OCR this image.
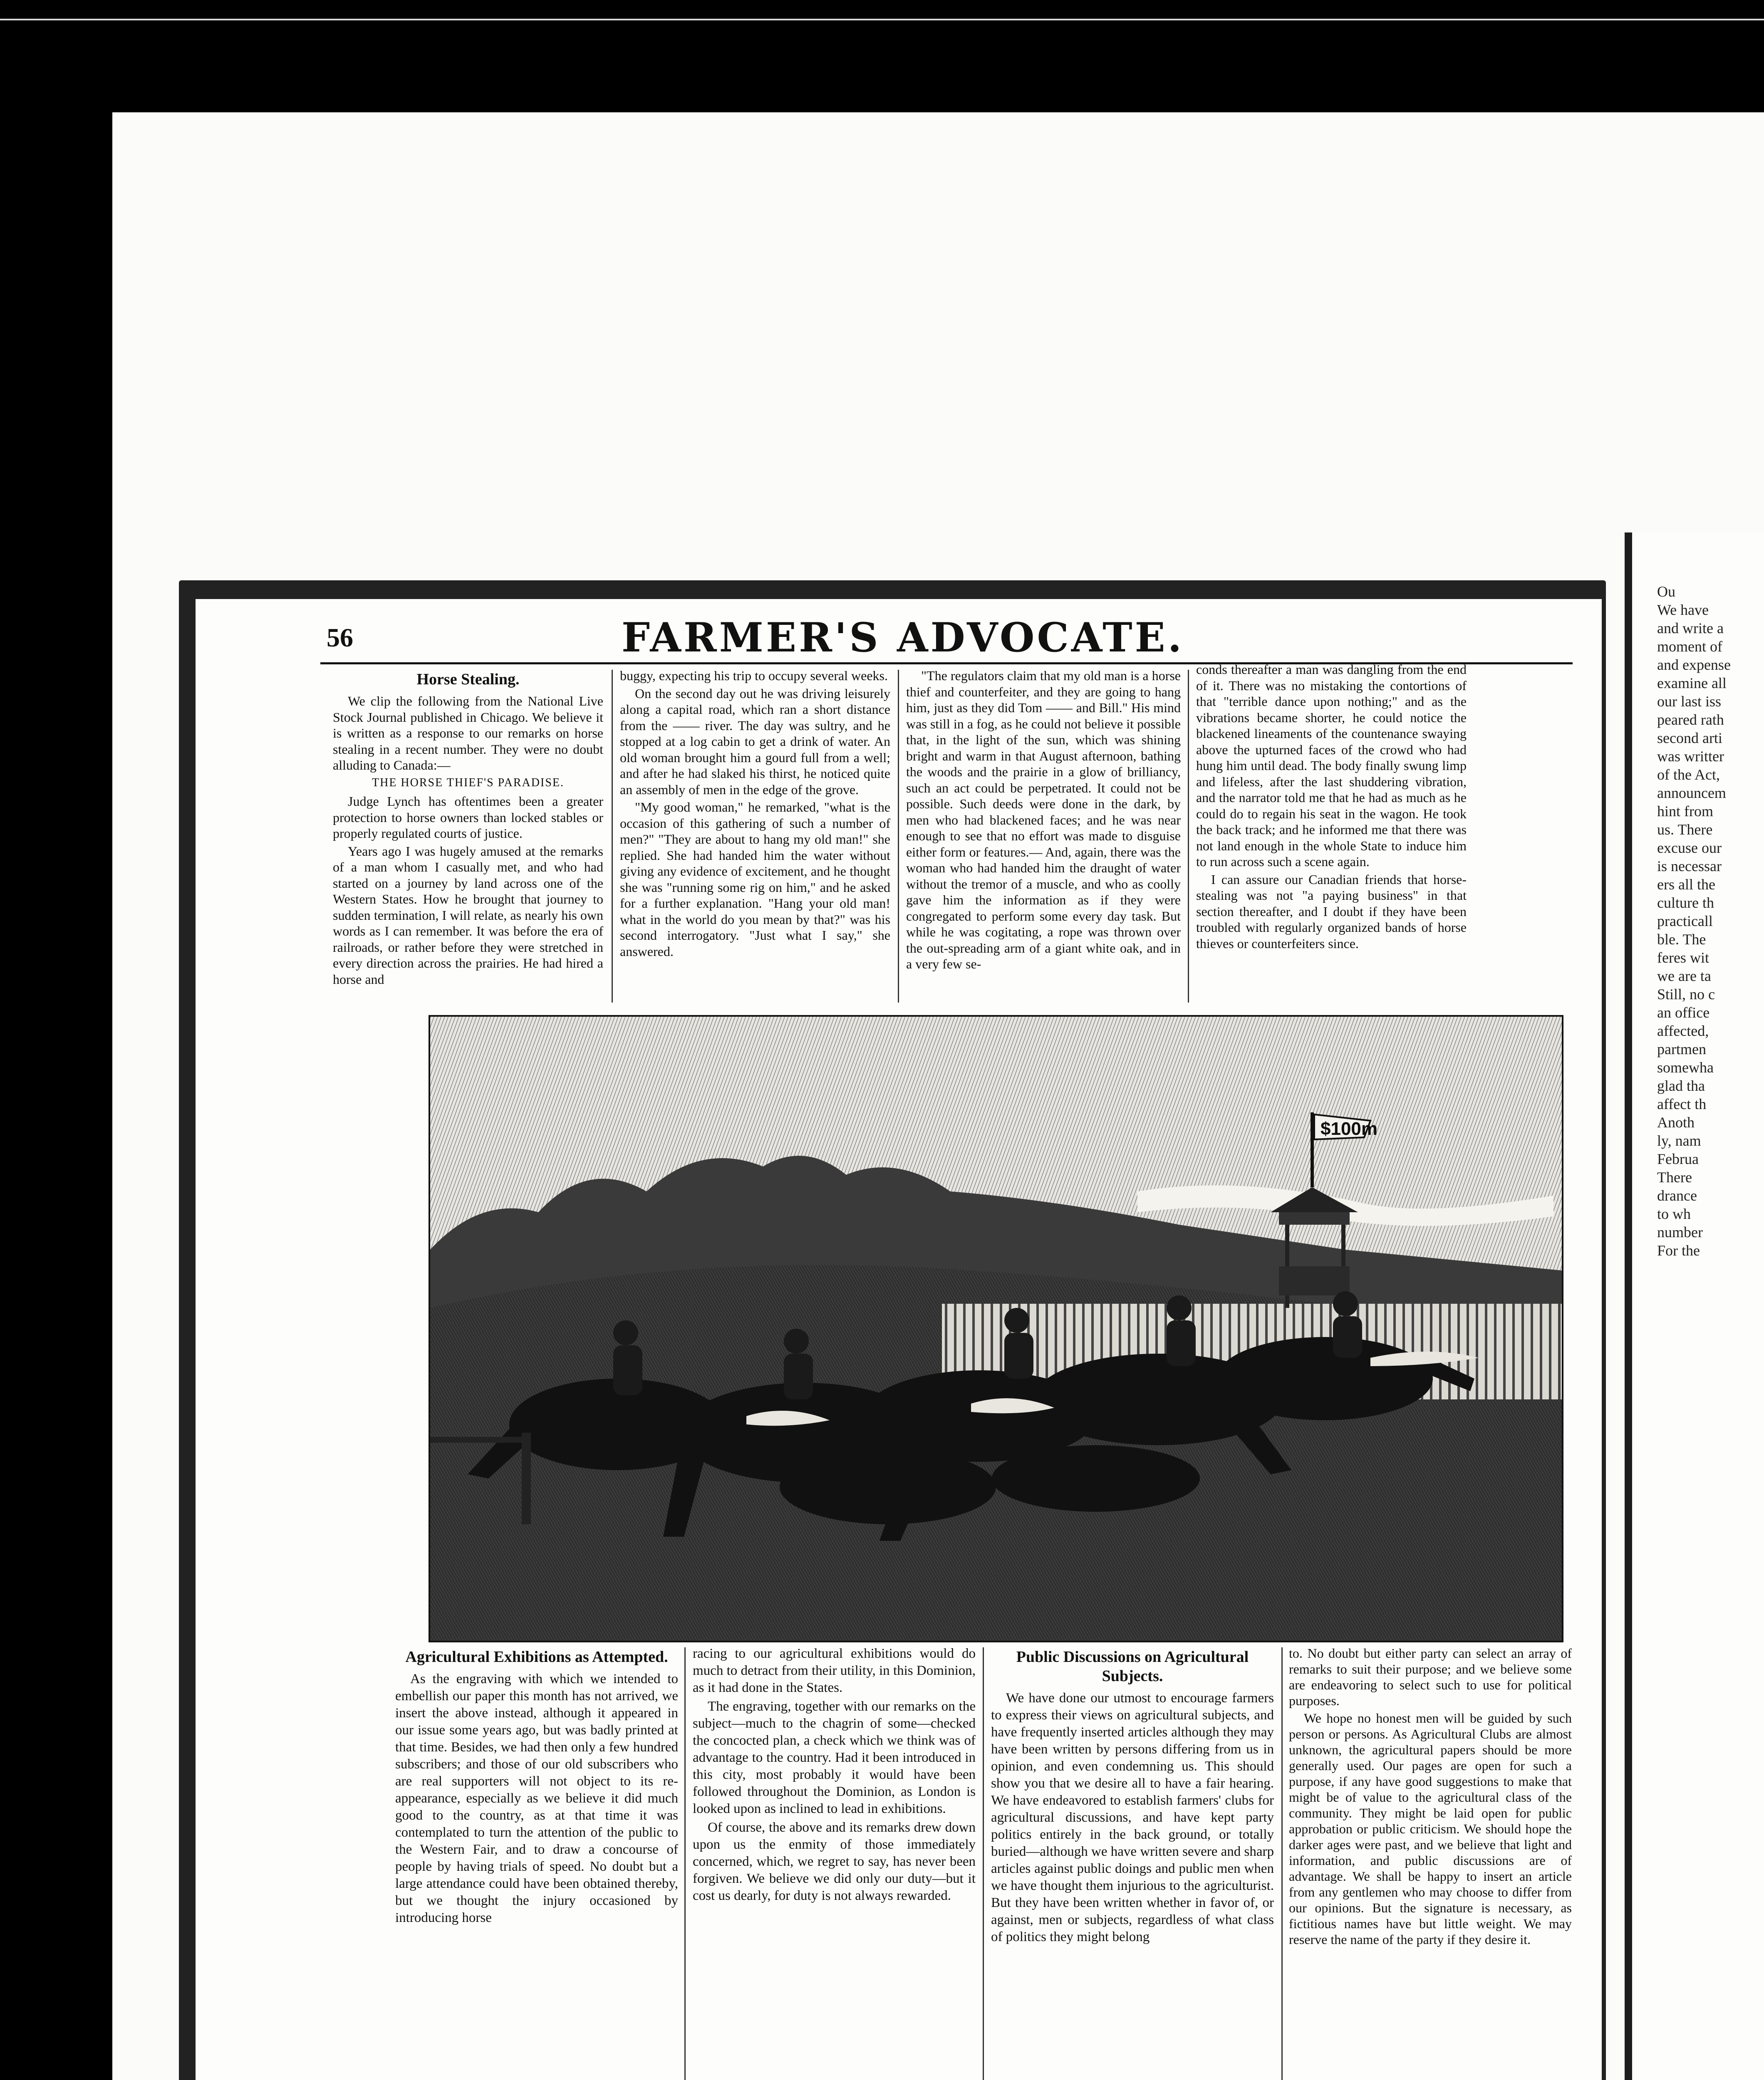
Ou
We have
and write a
moment of
and expense
examine all
our last iss
peared rath
second arti
was writter
of the Act,
announcem
hint from
us. There
excuse our
is necessar
ers all the
culture th
practicall
ble. The
feres wit
we are ta
Still, no c
an office
affected,
partmen
somewha
glad tha
affect th
Anoth
ly, nam
Februa
There
drance
to wh
number
For the
56	FARMER'S ADVOCATE.
Horse Stealing.

We clip the following from the National Live Stock Journal published in Chicago. We believe it is written as a response to our remarks on horse stealing in a recent number. They were no doubt alluding to Canada:—

THE HORSE THIEF'S PARADISE.

Judge Lynch has oftentimes been a greater protection to horse owners than locked stables or properly regulated courts of justice.

Years ago I was hugely amused at the remarks of a man whom I casually met, and who had started on a journey by land across one of the Western States. How he brought that journey to sudden termination, I will relate, as nearly his own words as I can remember. It was before the era of railroads, or rather before they were stretched in every direction across the prairies. He had hired a horse and

buggy, expecting his trip to occupy several weeks.

On the second day out he was driving leisurely along a capital road, which ran a short distance from the —— river. The day was sultry, and he stopped at a log cabin to get a drink of water. An old woman brought him a gourd full from a well; and after he had slaked his thirst, he noticed quite an assembly of men in the edge of the grove.

"My good woman," he remarked, "what is the occasion of this gathering of such a number of men?" "They are about to hang my old man!" she replied. She had handed him the water without giving any evidence of excitement, and he thought she was "running some rig on him," and he asked for a further explanation. "Hang your old man! what in the world do you mean by that?" was his second interrogatory. "Just what I say," she answered.

"The regulators claim that my old man is a horse thief and counterfeiter, and they are going to hang him, just as they did Tom —— and Bill." His mind was still in a fog, as he could not believe it possible that, in the light of the sun, which was shining bright and warm in that August afternoon, bathing the woods and the prairie in a glow of brilliancy, such an act could be perpetrated. It could not be possible. Such deeds were done in the dark, by men who had blackened faces; and he was near enough to see that no effort was made to disguise either form or features.— And, again, there was the woman who had handed him the draught of water without the tremor of a muscle, and who as coolly gave him the information as if they were congregated to perform some every day task. But while he was cogitating, a rope was thrown over the out-spreading arm of a giant white oak, and in a very few se-

conds thereafter a man was dangling from the end of it. There was no mistaking the contortions of that "terrible dance upon nothing;" and as the vibrations became shorter, he could notice the blackened lineaments of the countenance swaying above the upturned faces of the crowd who had hung him until dead. The body finally swung limp and lifeless, after the last shuddering vibration, and the narrator told me that he had as much as he could do to regain his seat in the wagon. He took the back track; and he informed me that there was not land enough in the whole State to induce him to run across such a scene again.

I can assure our Canadian friends that horse-stealing was not "a paying business" in that section thereafter, and I doubt if they have been troubled with regularly organized bands of horse thieves or counterfeiters since.

$100m
Agricultural Exhibitions as Attempted.

As the engraving with which we intended to embellish our paper this month has not arrived, we insert the above instead, although it appeared in our issue some years ago, but was badly printed at that time. Besides, we had then only a few hundred subscribers; and those of our old subscribers who are real supporters will not object to its re-appearance, especially as we believe it did much good to the country, as at that time it was contemplated to turn the attention of the public to the Western Fair, and to draw a concourse of people by having trials of speed. No doubt but a large attendance could have been obtained thereby, but we thought the injury occasioned by introducing horse

racing to our agricultural exhibitions would do much to detract from their utility, in this Dominion, as it had done in the States.

The engraving, together with our remarks on the subject—much to the chagrin of some—checked the concocted plan, a check which we think was of advantage to the country. Had it been introduced in this city, most probably it would have been followed throughout the Dominion, as London is looked upon as inclined to lead in exhibitions.

Of course, the above and its remarks drew down upon us the enmity of those immediately concerned, which, we regret to say, has never been forgiven. We believe we did only our duty—but it cost us dearly, for duty is not always rewarded.

Public Discussions on Agricultural Subjects.

We have done our utmost to encourage farmers to express their views on agricultural subjects, and have frequently inserted articles although they may have been written by persons differing from us in opinion, and even condemning us. This should show you that we desire all to have a fair hearing. We have endeavored to establish farmers' clubs for agricultural discussions, and have kept party politics entirely in the back ground, or totally buried—although we have written severe and sharp articles against public doings and public men when we have thought them injurious to the agriculturist. But they have been written whether in favor of, or against, men or subjects, regardless of what class of politics they might belong

to. No doubt but either party can select an array of remarks to suit their purpose; and we believe some are endeavoring to select such to use for political purposes.

We hope no honest men will be guided by such person or persons. As Agricultural Clubs are almost unknown, the agricultural papers should be more generally used. Our pages are open for such a purpose, if any have good suggestions to make that might be of value to the agricultural class of the community. They might be laid open for public approbation or public criticism. We should hope the darker ages were past, and we believe that light and information, and public discussions are of advantage. We shall be happy to insert an article from any gentlemen who may choose to differ from our opinions. But the signature is necessary, as fictitious names have but little weight. We may reserve the name of the party if they desire it.
